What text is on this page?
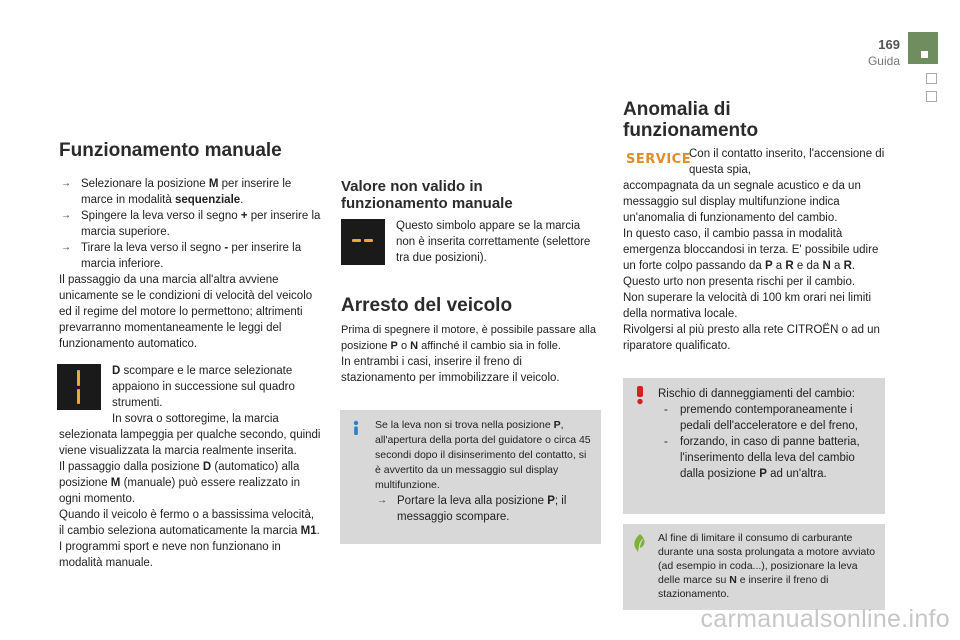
169
Guida
Funzionamento manuale
→ Selezionare la posizione M per inserire le marce in modalità sequenziale.
→ Spingere la leva verso il segno + per inserire la marcia superiore.
→ Tirare la leva verso il segno - per inserire la marcia inferiore.
Il passaggio da una marcia all'altra avviene unicamente se le condizioni di velocità del veicolo ed il regime del motore lo permettono; altrimenti prevarranno momentaneamente le leggi del funzionamento automatico.
D scompare e le marce selezionate appaiono in successione sul quadro strumenti.
In sovra o sottoregime, la marcia
selezionata lampeggia per qualche secondo, quindi viene visualizzata la marcia realmente inserita.
Il passaggio dalla posizione D (automatico) alla posizione M (manuale) può essere realizzato in ogni momento.
Quando il veicolo è fermo o a bassissima velocità, il cambio seleziona automaticamente la marcia M1.
I programmi sport e neve non funzionano in modalità manuale.
Valore non valido in funzionamento manuale
Questo simbolo appare se la marcia non è inserita correttamente (selettore tra due posizioni).
Arresto del veicolo
Prima di spegnere il motore, è possibile passare alla posizione P o N affinché il cambio sia in folle.
In entrambi i casi, inserire il freno di stazionamento per immobilizzare il veicolo.
Se la leva non si trova nella posizione P, all'apertura della porta del guidatore o circa 45 secondi dopo il disinserimento del contatto, si è avvertito da un messaggio sul display multifunzione.
→ Portare la leva alla posizione P; il messaggio scompare.
Anomalia di funzionamento
SERVICE
Con il contatto inserito, l'accensione di questa spia,
accompagnata da un segnale acustico e da un messaggio sul display multifunzione indica un'anomalia di funzionamento del cambio.
In questo caso, il cambio passa in modalità emergenza bloccandosi in terza. E' possibile udire un forte colpo passando da P a R e da N a R. Questo urto non presenta rischi per il cambio.
Non superare la velocità di 100 km orari nei limiti della normativa locale.
Rivolgersi al più presto alla rete CITROËN o ad un riparatore qualificato.
Rischio di danneggiamenti del cambio:
- premendo contemporaneamente i pedali dell'acceleratore e del freno,
- forzando, in caso di panne batteria, l'inserimento della leva del cambio dalla posizione P ad un'altra.
Al fine di limitare il consumo di carburante durante una sosta prolungata a motore avviato (ad esempio in coda...), posizionare la leva delle marce su N e inserire il freno di stazionamento.
carmanualsonline.info
